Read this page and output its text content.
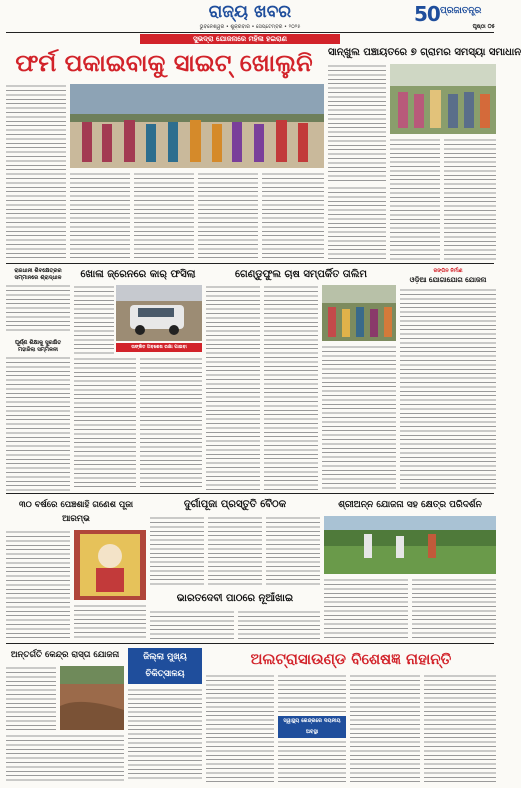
ରାଜ୍ୟ ଖବର
ଭୁବନେଶ୍ୱର • ଶୁକ୍ରବାର • ସେପ୍ଟେମ୍ବର • ୨୦୨୫
50 ପ୍ରଜାତନ୍ତ୍ର
ପୃଷ୍ଠା ୦୫
ସୁଭଦ୍ରା ଯୋଜନାରେ ମହିଳା ହଇରାଣ
ଫର୍ମ ପକାଇବାକୁ ସାଇଟ୍ ଖୋଲୁନି	ସାନ୍ଖୁଲ ପଞ୍ଚାୟତରେ ୭ ଗ୍ରାମର ସମସ୍ୟା ସମାଧାନ
ରାଜଧାନୀ ଶିବକ୍ଷେତ୍ରର ସମ୍ମାନରେ ଶ୍ରାଦ୍ଧାଳ
ପୂର୍ଣ୍ଣ ଶିକ୍ଷାକୁ ସୁରକ୍ଷିତ ମହାଜିଲା ସମ୍ମିଳନୀ
ଖୋଳା ଜ୍ରେନରେ କାର୍ ଫସିଲା
ତାଙ୍କିତ ଅବଶେଷ ରକ୍ଷା ପାଇବା
ଗେଣ୍ଡୁଫୁଲ ଚାଷ ସମ୍ପର୍କିତ ତାଲିମ	ରଙ୍ଗିନ ନିର୍ମାଣ
ଓଡ଼ିଆ ଯୋଗାଯୋଗ ଯୋଜନା
୩୦ ବର୍ଷରେ ପେଞ୍ଚଶାହି ଗଣେଶ ପୂଜା ଆରମ୍ଭ
ଦୁର୍ଗାପୂଜା ପ୍ରସ୍ତୁତି ବୈଠକ
ଭାରତଦେବୀ ପାଠରେ ନୂଆଁଖାଇ
ଶ୍ରୀଅନ୍ନ ଯୋଜନା ସହ କ୍ଷେତ୍ର ପରିଦର୍ଶନ
ଅନ୍ତର୍ଗତି କେନ୍ଦ୍ର ରାସ୍ତା ଯୋଜନା	ଜିଲ୍ଲା ମୁଖ୍ୟ ଚିକିତ୍ସାଳୟ
ଅଲଟ୍ରାସାଉଣ୍ଡ ବିଶେଷଜ୍ଞ ନାହାନ୍ତି
ସ୍ୱାସ୍ଥ୍ୟ କେନ୍ଦ୍ରରେ ଦୟନୀୟ ଅବସ୍ଥା
